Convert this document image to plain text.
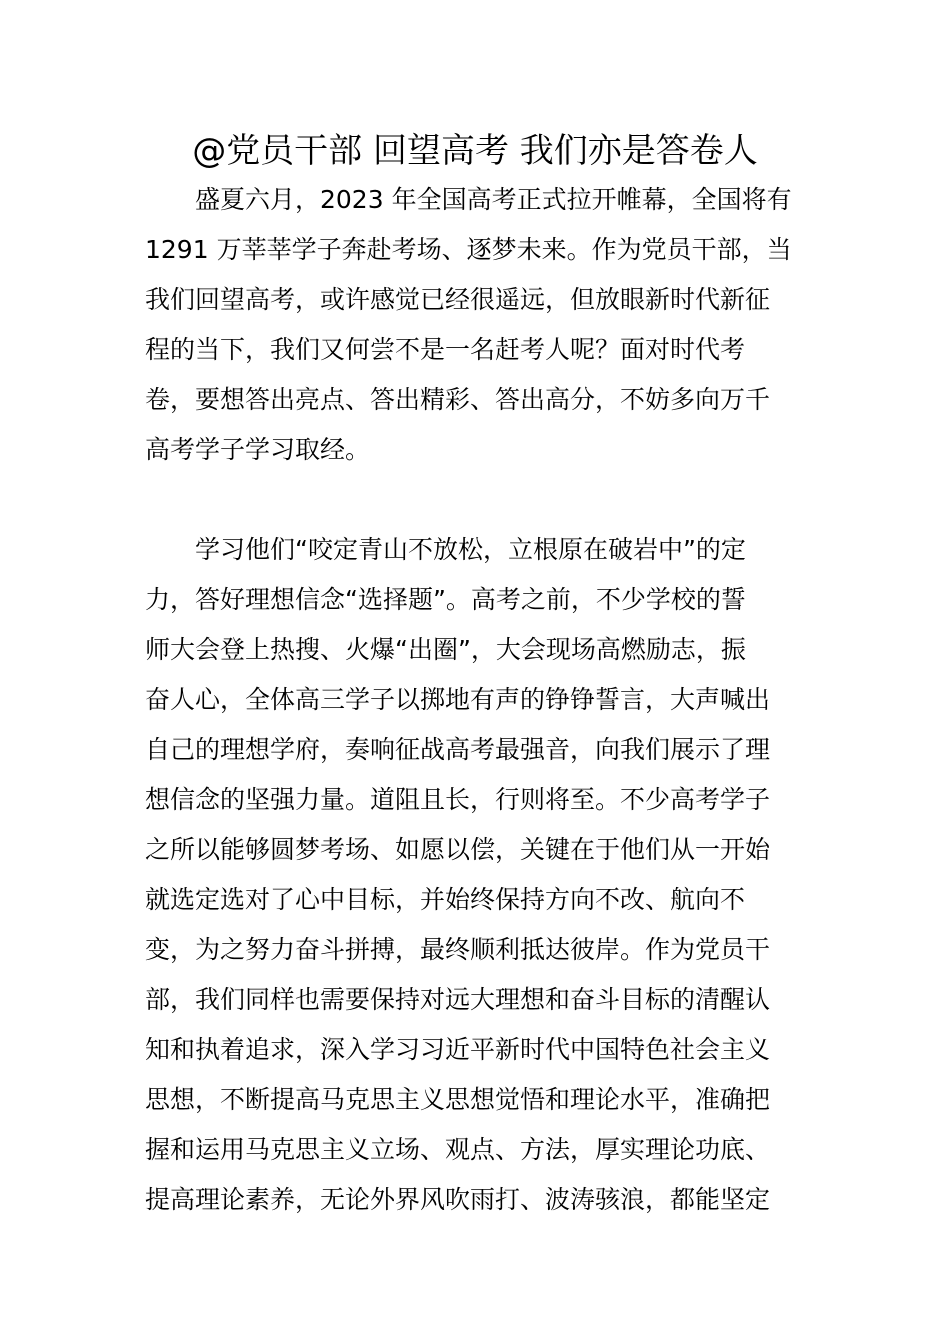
@党员干部 回望高考 我们亦是答卷人

盛夏六月，2023 年全国高考正式拉开帷幕，全国将有
1291 万莘莘学子奔赴考场、逐梦未来。作为党员干部，当
我们回望高考，或许感觉已经很遥远，但放眼新时代新征
程的当下，我们又何尝不是一名赶考人呢？面对时代考
卷，要想答出亮点、答出精彩、答出高分，不妨多向万千
高考学子学习取经。

学习他们“咬定青山不放松，立根原在破岩中”的定
力，答好理想信念“选择题”。高考之前，不少学校的誓
师大会登上热搜、火爆“出圈”，大会现场高燃励志，振
奋人心，全体高三学子以掷地有声的铮铮誓言，大声喊出
自己的理想学府，奏响征战高考最强音，向我们展示了理
想信念的坚强力量。道阻且长，行则将至。不少高考学子
之所以能够圆梦考场、如愿以偿，关键在于他们从一开始
就选定选对了心中目标，并始终保持方向不改、航向不
变，为之努力奋斗拼搏，最终顺利抵达彼岸。作为党员干
部，我们同样也需要保持对远大理想和奋斗目标的清醒认
知和执着追求，深入学习习近平新时代中国特色社会主义
思想，不断提高马克思主义思想觉悟和理论水平，准确把
握和运用马克思主义立场、观点、方法，厚实理论功底、
提高理论素养，无论外界风吹雨打、波涛骇浪，都能坚定
